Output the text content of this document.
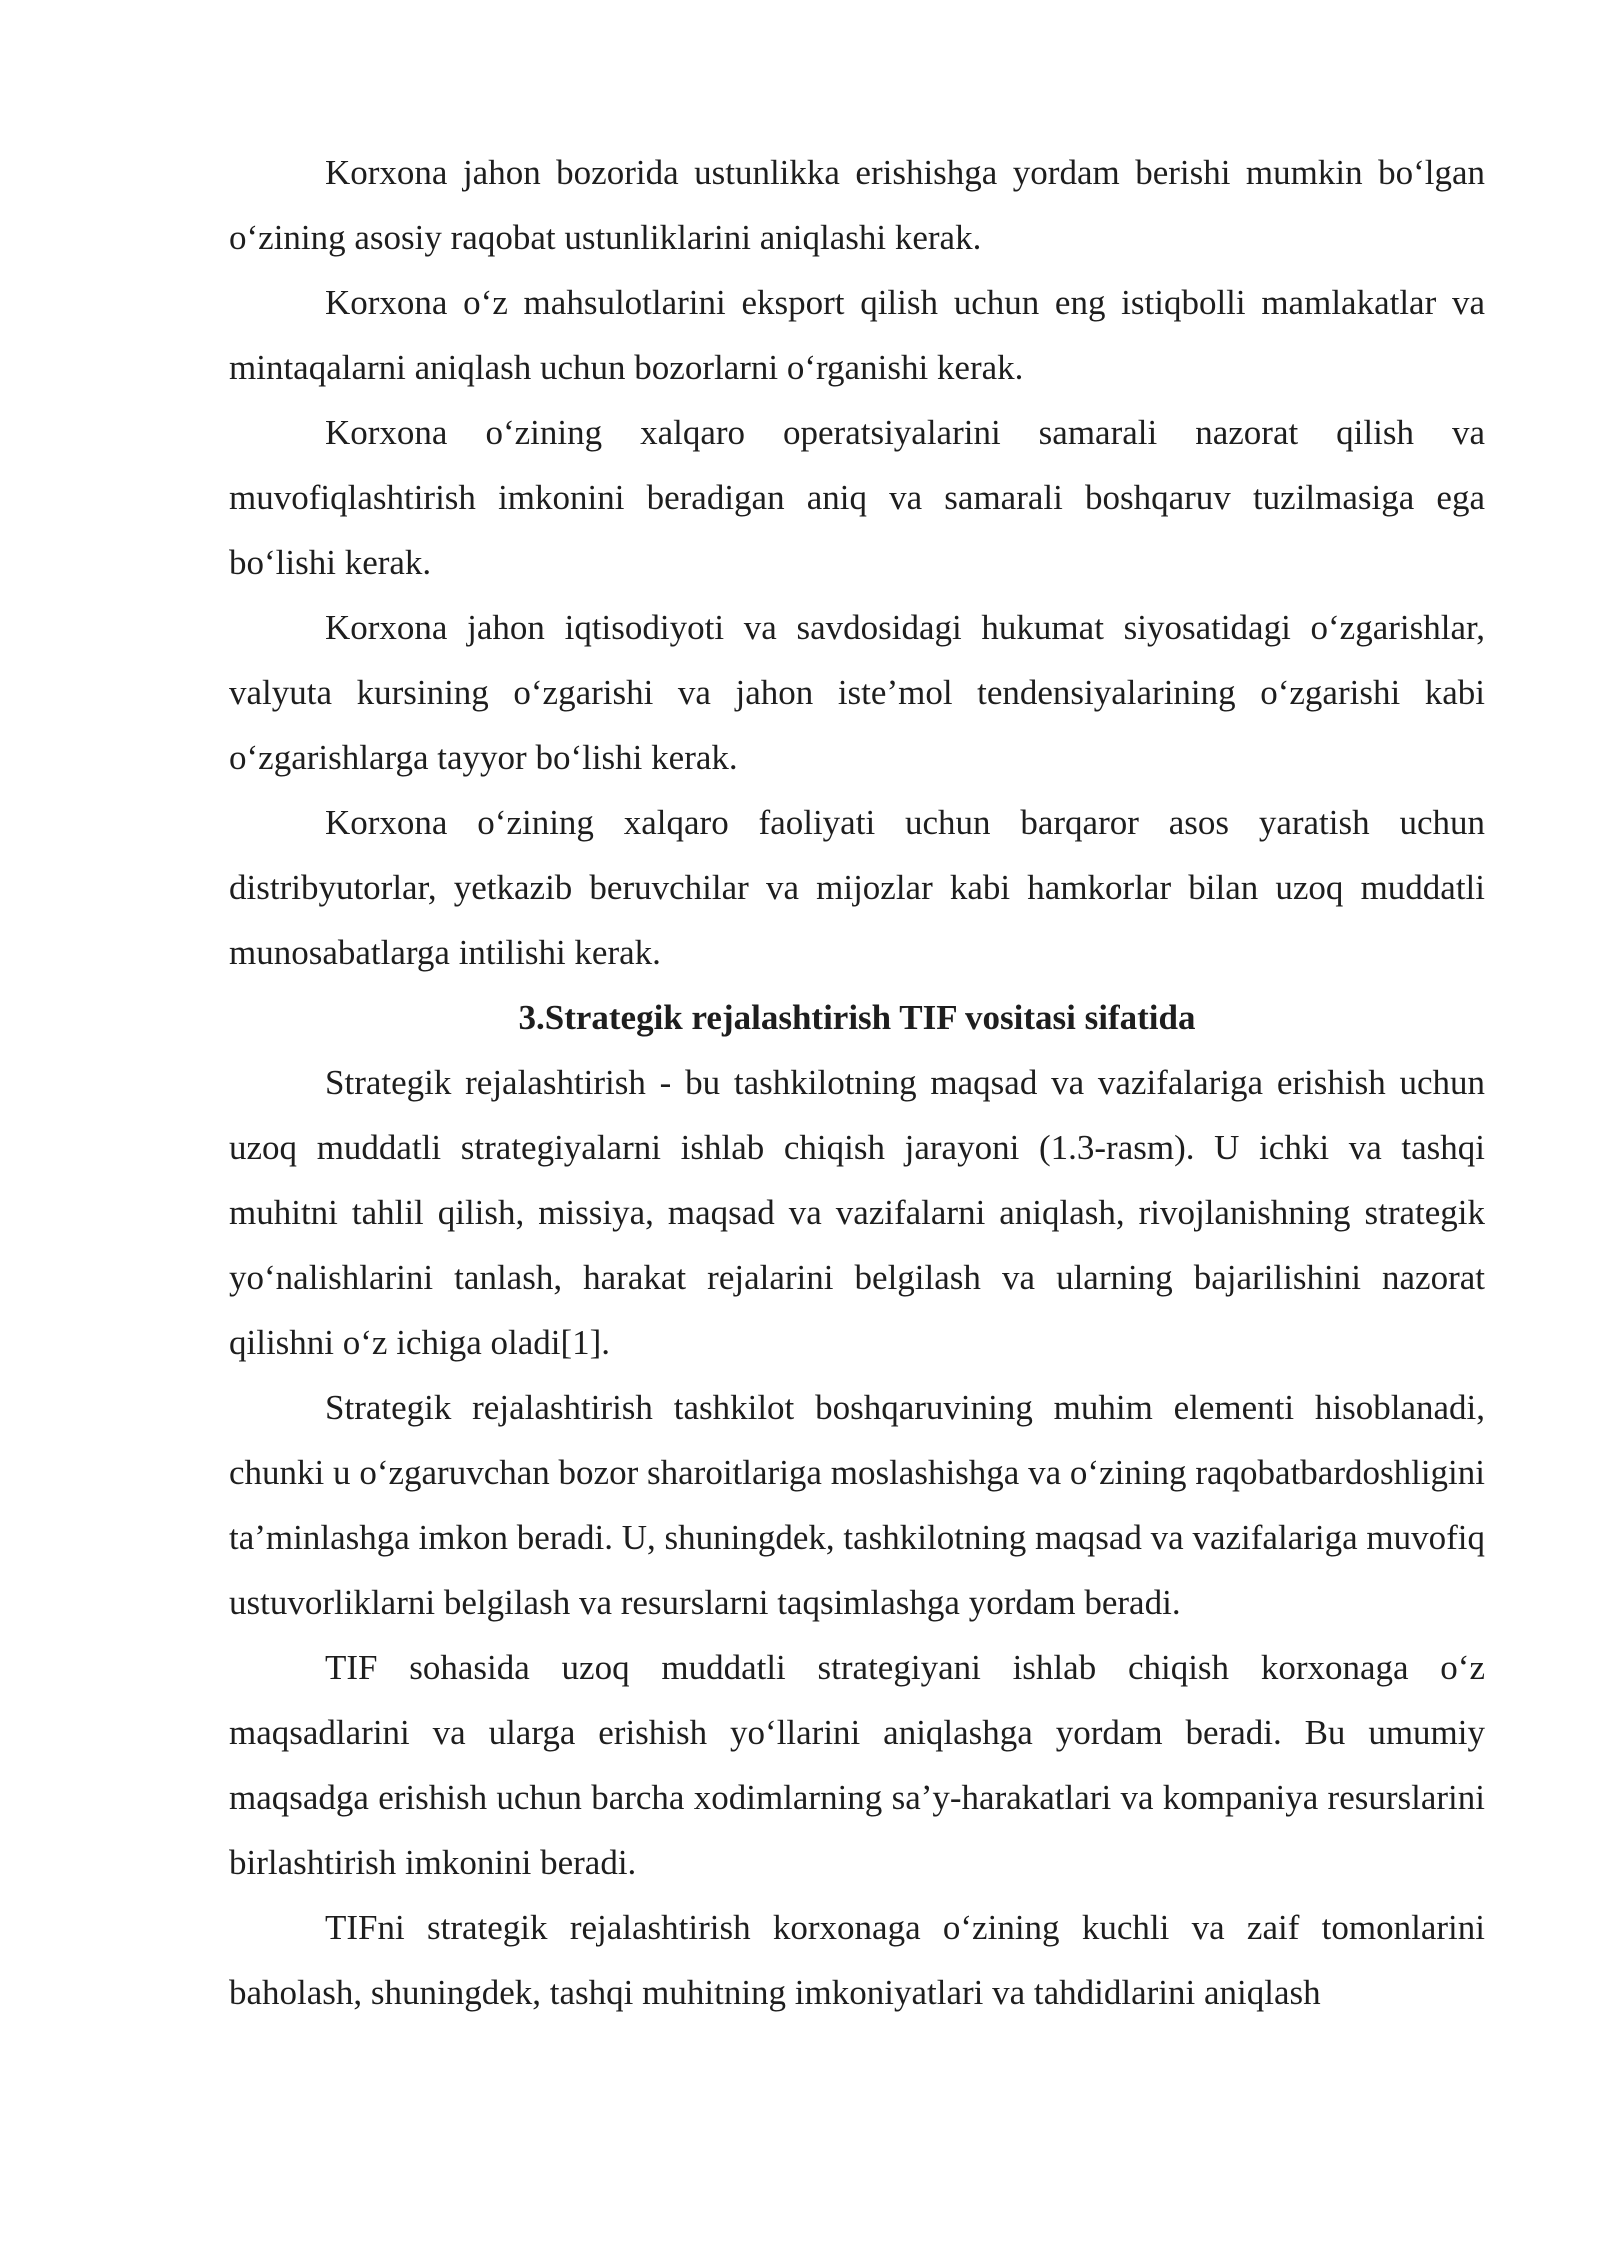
Korxona jahon bozorida ustunlikka erishishga yordam berishi mumkin boʻlgan oʻzining asosiy raqobat ustunliklarini aniqlashi kerak.

Korxona oʻz mahsulotlarini eksport qilish uchun eng istiqbolli mamlakatlar va mintaqalarni aniqlash uchun bozorlarni oʻrganishi kerak.

Korxona oʻzining xalqaro operatsiyalarini samarali nazorat qilish va muvofiqlashtirish imkonini beradigan aniq va samarali boshqaruv tuzilmasiga ega boʻlishi kerak.

Korxona jahon iqtisodiyoti va savdosidagi hukumat siyosatidagi oʻzgarishlar, valyuta kursining oʻzgarishi va jahon isteʼmol tendensiyalarining oʻzgarishi kabi oʻzgarishlarga tayyor boʻlishi kerak.

Korxona oʻzining xalqaro faoliyati uchun barqaror asos yaratish uchun distribyutorlar, yetkazib beruvchilar va mijozlar kabi hamkorlar bilan uzoq muddatli munosabatlarga intilishi kerak.

3.Strategik rejalashtirish TIF vositasi sifatida

Strategik rejalashtirish - bu tashkilotning maqsad va vazifalariga erishish uchun uzoq muddatli strategiyalarni ishlab chiqish jarayoni (1.3-rasm). U ichki va tashqi muhitni tahlil qilish, missiya, maqsad va vazifalarni aniqlash, rivojlanishning strategik yoʻnalishlarini tanlash, harakat rejalarini belgilash va ularning bajarilishini nazorat qilishni oʻz ichiga oladi[1].

Strategik rejalashtirish tashkilot boshqaruvining muhim elementi hisoblanadi, chunki u oʻzgaruvchan bozor sharoitlariga moslashishga va oʻzining raqobatbardoshligini taʼminlashga imkon beradi. U, shuningdek, tashkilotning maqsad va vazifalariga muvofiq ustuvorliklarni belgilash va resurslarni taqsimlashga yordam beradi.

TIF sohasida uzoq muddatli strategiyani ishlab chiqish korxonaga oʻz maqsadlarini va ularga erishish yoʻllarini aniqlashga yordam beradi. Bu umumiy maqsadga erishish uchun barcha xodimlarning saʼy-harakatlari va kompaniya resurslarini birlashtirish imkonini beradi.

TIFni strategik rejalashtirish korxonaga oʻzining kuchli va zaif tomonlarini baholash, shuningdek, tashqi muhitning imkoniyatlari va tahdidlarini aniqlash
